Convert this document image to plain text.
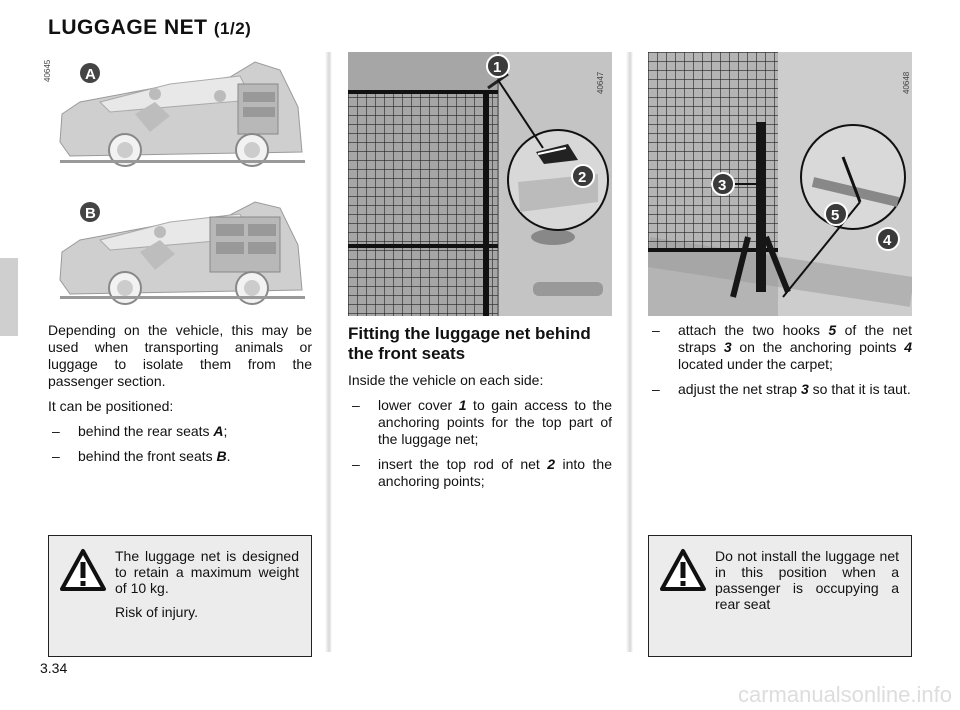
LUGGAGE NET (1/2)
40645 A
B
1
2
40647
3
5
4
40648

Depending on the vehicle, this may be used when transporting animals or luggage to isolate them from the passenger section.

It can be positioned:

– behind the rear seats A;
– behind the front seats B.
Fitting the luggage net behind the front seats

Inside the vehicle on each side:

– lower cover 1 to gain access to the anchoring points for the top part of the luggage net;
– insert the top rod of net 2 into the anchoring points;
– attach the two hooks 5 of the net straps 3 on the anchoring points 4 located under the carpet;
– adjust the net strap 3 so that it is taut.

The luggage net is designed to retain a maximum weight of 10 kg.

Risk of injury.

Do not install the luggage net in this position when a passenger is occupying a rear seat

3.34
carmanualsonline.info
